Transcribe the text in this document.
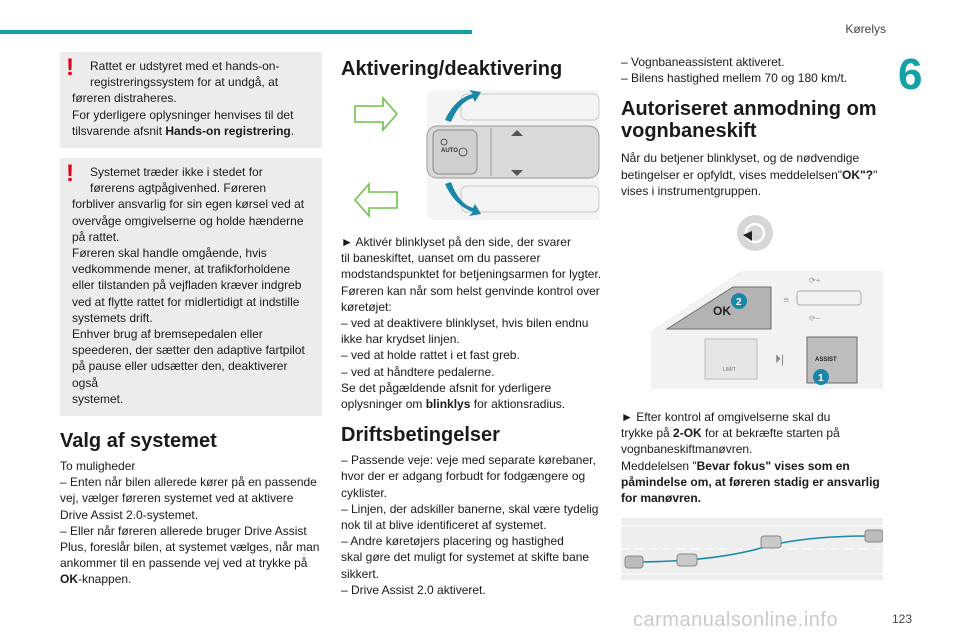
Kørelys
6

! Rattet er udstyret med et hands-on-

registreringssystem for at undgå, at

føreren distraheres.

For yderligere oplysninger henvises til det

tilsvarende afsnit Hands-on registrering.

! Systemet træder ikke i stedet for

førerens agtpågivenhed. Føreren

forbliver ansvarlig for sin egen kørsel ved at

overvåge omgivelserne og holde hænderne

på rattet.

Føreren skal handle omgående, hvis

vedkommende mener, at trafikforholdene

eller tilstanden på vejfladen kræver indgreb

ved at flytte rattet for midlertidigt at indstille

systemets drift.

Enhver brug af bremsepedalen eller

speederen, der sætter den adaptive fartpilot

på pause eller udsætter den, deaktiverer også

systemet.

Valg af systemet

To muligheder

– Enten når bilen allerede kører på en passende

vej, vælger føreren systemet ved at aktivere

Drive Assist 2.0-systemet.

– Eller når føreren allerede bruger Drive Assist

Plus, foreslår bilen, at systemet vælges, når man

ankommer til en passende vej ved at trykke på

OK-knappen.

Aktivering/deaktivering
AUTO

► Aktivér blinklyset på den side, der svarer

til baneskiftet, uanset om du passerer

modstandspunktet for betjeningsarmen for lygter.

Føreren kan når som helst genvinde kontrol over

køretøjet:

– ved at deaktivere blinklyset, hvis bilen endnu

ikke har krydset linjen.

– ved at holde rattet i et fast greb.

– ved at håndtere pedalerne.

Se det pågældende afsnit for yderligere

oplysninger om blinklys for aktionsradius.

Driftsbetingelser

– Passende veje: veje med separate kørebaner,

hvor der er adgang forbudt for fodgængere og

cyklister.

– Linjen, der adskiller banerne, skal være tydelig

nok til at blive identificeret af systemet.

– Andre køretøjers placering og hastighed

skal gøre det muligt for systemet at skifte bane

sikkert.

– Drive Assist 2.0 aktiveret.

– Vognbaneassistent aktiveret.

– Bilens hastighed mellem 70 og 180 km/t.

Autoriseret anmodning om
vognbaneskift

Når du betjener blinklyset, og de nødvendige

betingelser er opfyldt, vises meddelelsen"OK"?"

vises i instrumentgruppen.

OK
2
⟳+
⟳−
≘
LIMIT
⏵|	ASSIST
1

► Efter kontrol af omgivelserne skal du

trykke på 2-OK for at bekræfte starten på

vognbaneskiftmanøvren.

Meddelelsen "Bevar fokus" vises som en

påmindelse om, at føreren stadig er ansvarlig

for manøvren.

carmanualsonline.info	123
